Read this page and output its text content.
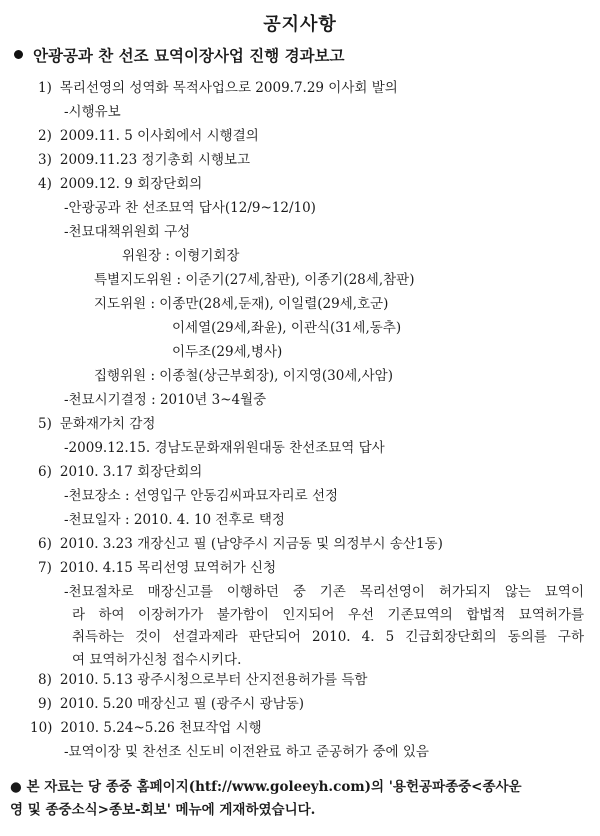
공지사항
안광공과 찬 선조 묘역이장사업 진행 경과보고
1) 목리선영의 성역화 목적사업으로 2009.7.29 이사회 발의
-시행유보
2) 2009.11. 5 이사회에서 시행결의
3) 2009.11.23 정기총회 시행보고
4) 2009.12. 9 회장단회의
-안광공과 찬 선조묘역 답사(12/9~12/10)
-천묘대책위원회 구성
위원장 : 이형기회장
특별지도위원 : 이준기(27세,참판), 이종기(28세,참판)
지도위원 : 이종만(28세,둔재), 이일렬(29세,호군)
이세열(29세,좌윤), 이관식(31세,동추)
이두조(29세,병사)
집행위원 : 이종철(상근부회장), 이지영(30세,사암)
-천묘시기결정 : 2010년 3~4월중
5) 문화재가치 감정
-2009.12.15. 경남도문화재위원대동 찬선조묘역 답사
6) 2010. 3.17 회장단회의
-천묘장소 : 선영입구 안동김씨파묘자리로 선정
-천묘일자 : 2010. 4. 10 전후로 택정
6) 2010. 3.23 개장신고 필 (남양주시 지금동 및 의정부시 송산1동)
7) 2010. 4.15 목리선영 묘역허가 신청
-천묘절차로 매장신고를 이행하던 중 기존 목리선영이 허가되지 않는 묘역이
라 하여 이장허가가 불가함이 인지되어 우선 기존묘역의 합법적 묘역허가를
취득하는 것이 선결과제라 판단되어 2010. 4. 5 긴급회장단회의 동의를 구하
여 묘역허가신청 접수시키다.
8) 2010. 5.13 광주시청으로부터 산지전용허가를 득함
9) 2010. 5.20 매장신고 필 (광주시 광남동)
10) 2010. 5.24~5.26 천묘작업 시행
-묘역이장 및 찬선조 신도비 이전완료 하고 준공허가 중에 있음
● 본 자료는 당 종중 홈페이지(htf://www.goleeyh.com)의 '용헌공파종중<종사운
영 및 종중소식>종보-회보' 메뉴에 게재하였습니다.
